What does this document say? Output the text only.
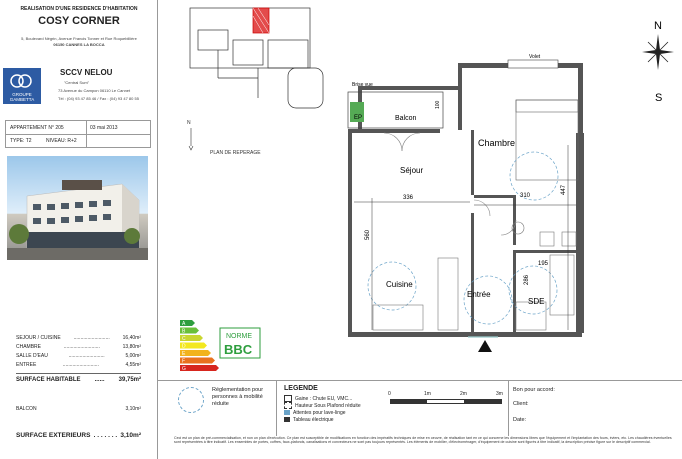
REALISATION D'UNE RESIDENCE D'HABITATION
COSY CORNER
5, Boulevard Négrin, Avenue Francis Tonner et Rue Roquebillière
06150 CANNES LA BOCCA
GROUPE GAMBETTA
SCCV NELOU
"Central Sum"
73 Avenue du Campon 06110 Le Cannet
Tél : (04) 93 47 85 46 / Fax : (04) 93 47 80 55
APPARTEMENT N° 205	03 mai 2013
TYPE: T2	NIVEAU: R+2
A
B
C
D
E
F
G
NORME
BBC
SEJOUR / CUISINE	..........................	16,40m²
CHAMBRE	..........................	13,80m²
SALLE D'EAU	..........................	5,00m²
ENTREE	..........................	4,55m²
SURFACE HABITABLE ...... 39,75m²
BALCON	3,10m²
SURFACE EXTERIEURS . . . . . . . 3,10m²
PLAN DE REPERAGE
N
N
S
EP	Balcon
Brise vue
100
Volet
336	310
447
560
195
286
Chambre
Séjour
Cuisine
Entrée
SDE
Réglementation pour personnes à mobilité réduite
LEGENDE
Gaine : Chute EU, VMC...
Hauteur Sous Plafond réduite
Attentes pour lave-linge
Tableau électrique
0	1m	2m	3m
Bon pour accord:
Client:
Date:
Ceci est un plan de pré-commercialisation, et non un plan d'exécution. Ce plan est susceptible de modifications en fonction des impératifs techniques de mise en oeuvre, de réalisation tant en ce qui concerne les dimensions libres que l'équipement et l'implantation des fours, éviers, etc. Les chaudières éventuelles sont représentées à titre indicatif. Les ensembles de portes, coffres, faux-plafonds, canalisations et convecteurs ne sont pas toujours représentés. Les éléments de mobilier, d'électroménager, d'équipement de cuisine sont figurés à titre indicatif, la description précise figure sur le descriptif commercial.
